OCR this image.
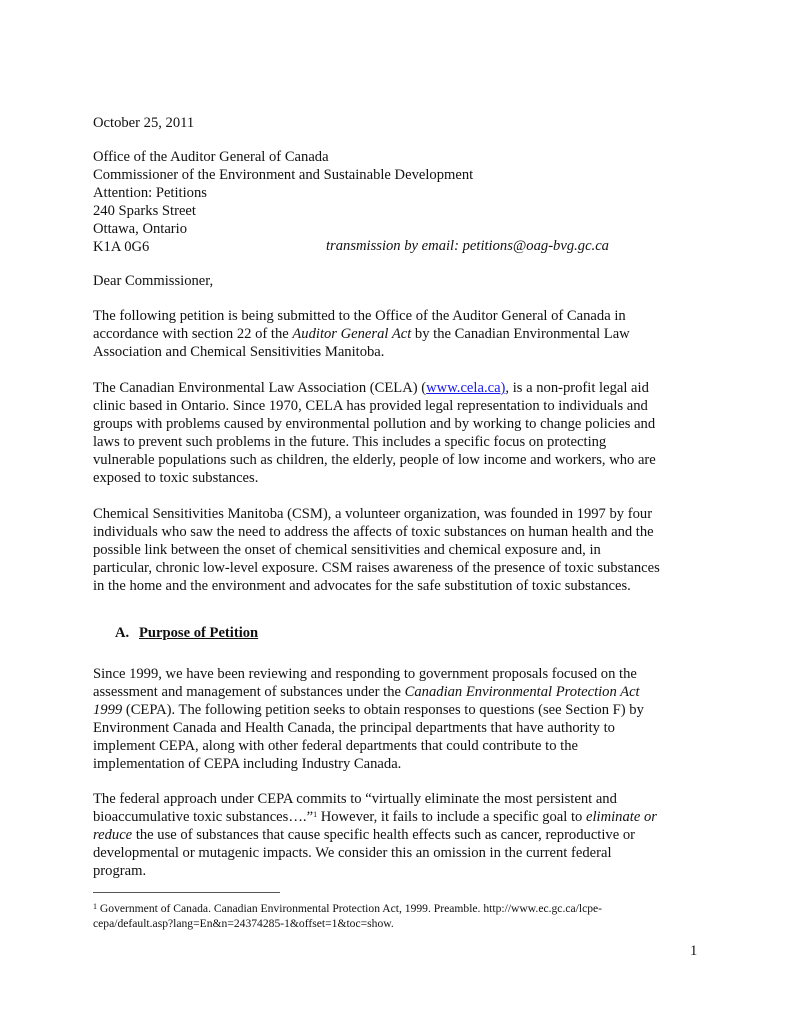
October 25, 2011
Office of the Auditor General of Canada
Commissioner of the Environment and Sustainable Development
Attention: Petitions
240 Sparks Street
Ottawa, Ontario
K1A 0G6	transmission by email: petitions@oag-bvg.gc.ca
Dear Commissioner,
The following petition is being submitted to the Office of the Auditor General of Canada in
accordance with section 22 of the Auditor General Act by the Canadian Environmental Law
Association and Chemical Sensitivities Manitoba.
The Canadian Environmental Law Association (CELA) (www.cela.ca), is a non-profit legal aid
clinic based in Ontario. Since 1970, CELA has provided legal representation to individuals and
groups with problems caused by environmental pollution and by working to change policies and
laws to prevent such problems in the future. This includes a specific focus on protecting
vulnerable populations such as children, the elderly, people of low income and workers, who are
exposed to toxic substances.
Chemical Sensitivities Manitoba (CSM), a volunteer organization, was founded in 1997 by four
individuals who saw the need to address the affects of toxic substances on human health and the
possible link between the onset of chemical sensitivities and chemical exposure and, in
particular, chronic low-level exposure. CSM raises awareness of the presence of toxic substances
in the home and the environment and advocates for the safe substitution of toxic substances.
A. Purpose of Petition
Since 1999, we have been reviewing and responding to government proposals focused on the
assessment and management of substances under the Canadian Environmental Protection Act
1999 (CEPA). The following petition seeks to obtain responses to questions (see Section F) by
Environment Canada and Health Canada, the principal departments that have authority to
implement CEPA, along with other federal departments that could contribute to the
implementation of CEPA including Industry Canada.
The federal approach under CEPA commits to “virtually eliminate the most persistent and
bioaccumulative toxic substances….”$^1$ However, it fails to include a specific goal to eliminate or
reduce the use of substances that cause specific health effects such as cancer, reproductive or
developmental or mutagenic impacts. We consider this an omission in the current federal
program.
$^1$ Government of Canada. Canadian Environmental Protection Act, 1999. Preamble. http://www.ec.gc.ca/lcpe-
cepa/default.asp?lang=En&n=24374285-1&offset=1&toc=show.
1
